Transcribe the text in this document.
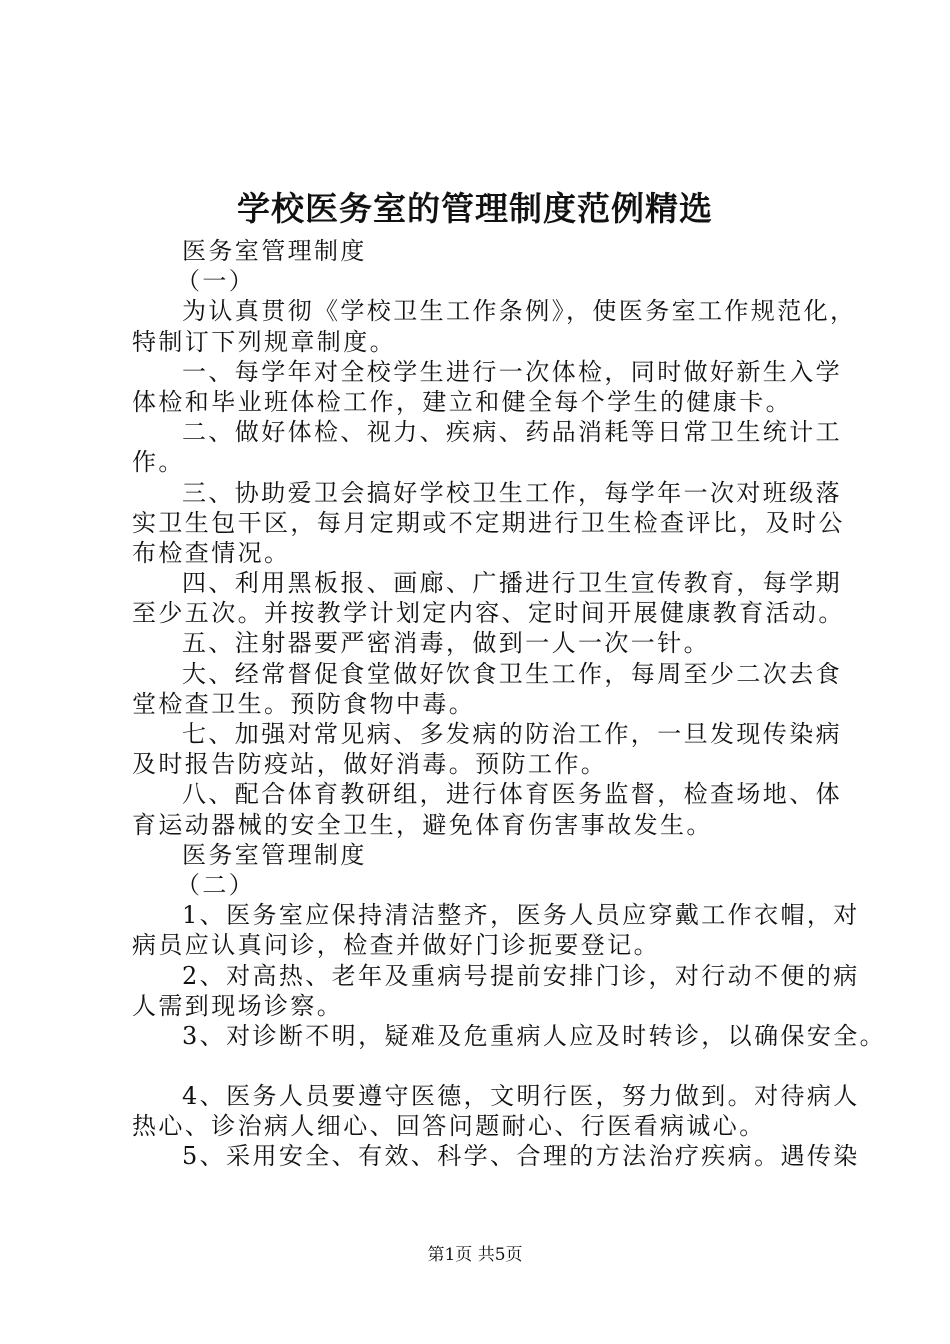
学校医务室的管理制度范例精选
医务室管理制度
（一）
为认真贯彻《学校卫生工作条例》，使医务室工作规范化，
特制订下列规章制度。
一、每学年对全校学生进行一次体检，同时做好新生入学
体检和毕业班体检工作，建立和健全每个学生的健康卡。
二、做好体检、视力、疾病、药品消耗等日常卫生统计工
作。
三、协助爱卫会搞好学校卫生工作，每学年一次对班级落
实卫生包干区，每月定期或不定期进行卫生检查评比，及时公
布检查情况。
四、利用黑板报、画廊、广播进行卫生宣传教育，每学期
至少五次。并按教学计划定内容、定时间开展健康教育活动。
五、注射器要严密消毒，做到一人一次一针。
大、经常督促食堂做好饮食卫生工作，每周至少二次去食
堂检查卫生。预防食物中毒。
七、加强对常见病、多发病的防治工作，一旦发现传染病
及时报告防疫站，做好消毒。预防工作。
八、配合体育教研组，进行体育医务监督，检查场地、体
育运动器械的安全卫生，避免体育伤害事故发生。
医务室管理制度
（二）
1、医务室应保持清洁整齐，医务人员应穿戴工作衣帽，对
病员应认真问诊，检查并做好门诊扼要登记。
2、对高热、老年及重病号提前安排门诊，对行动不便的病
人需到现场诊察。
3、对诊断不明，疑难及危重病人应及时转诊，以确保安全。
4、医务人员要遵守医德，文明行医，努力做到。对待病人
热心、诊治病人细心、回答问题耐心、行医看病诚心。
5、采用安全、有效、科学、合理的方法治疗疾病。遇传染
第1页 共5页
